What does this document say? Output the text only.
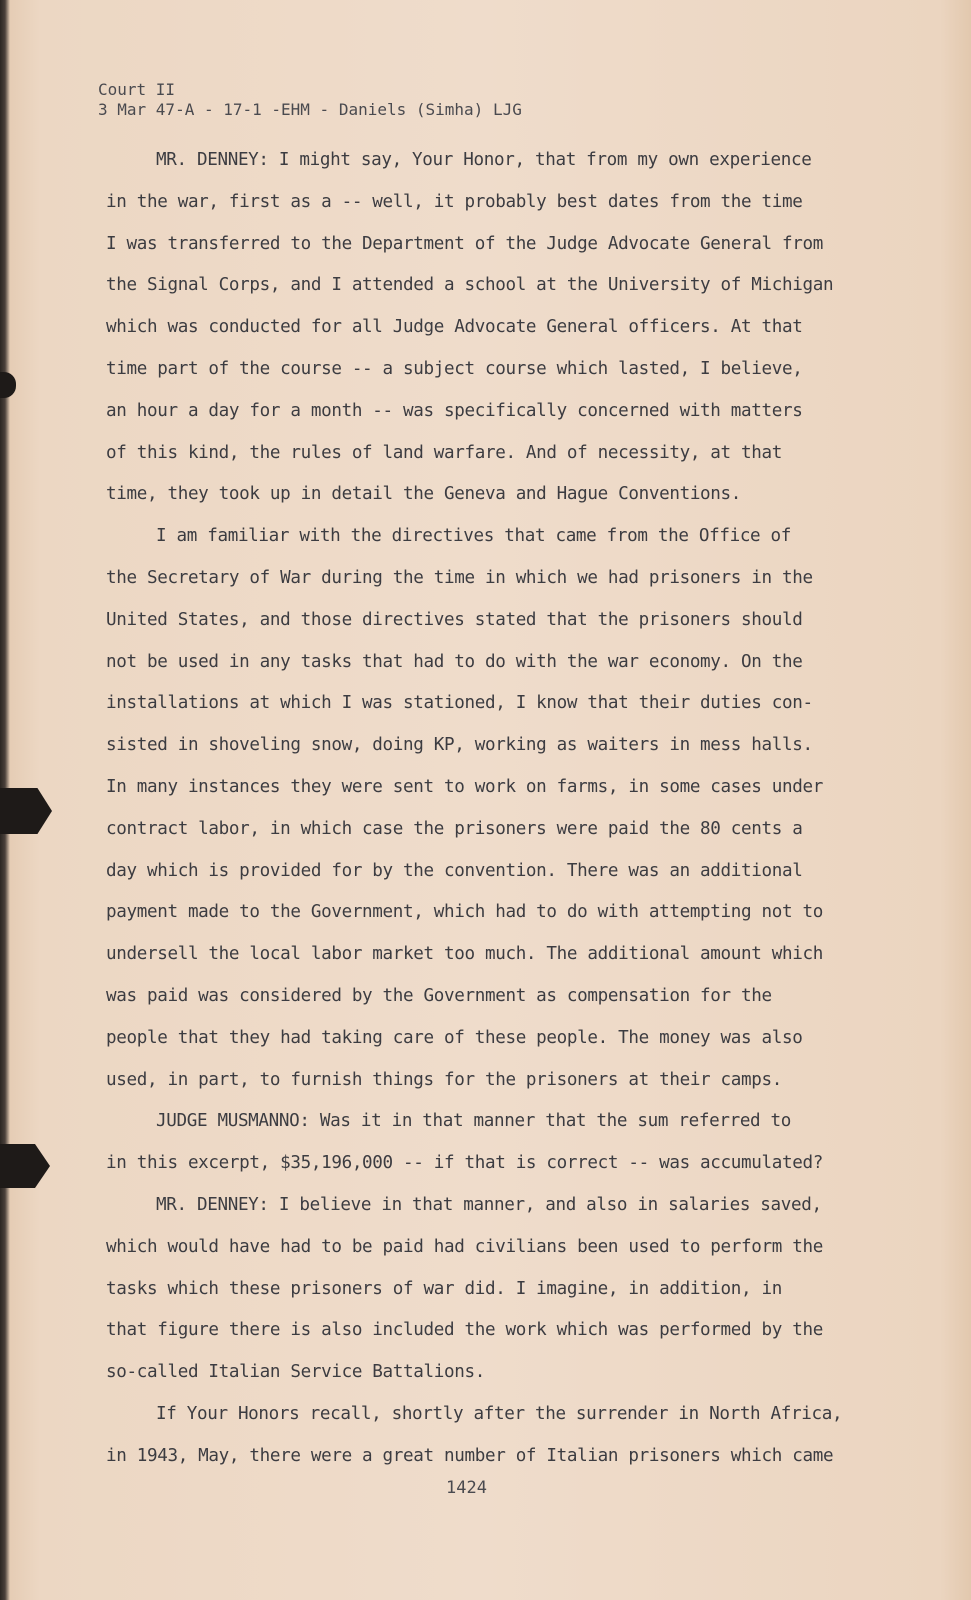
Court II
3 Mar 47-A - 17-1 -EHM - Daniels (Simha) LJG
MR. DENNEY: I might say, Your Honor, that from my own experience
in the war, first as a -- well, it probably best dates from the time
I was transferred to the Department of the Judge Advocate General from
the Signal Corps, and I attended a school at the University of Michigan
which was conducted for all Judge Advocate General officers. At that
time part of the course -- a subject course which lasted, I believe,
an hour a day for a month -- was specifically concerned with matters
of this kind, the rules of land warfare. And of necessity, at that
time, they took up in detail the Geneva and Hague Conventions.
I am familiar with the directives that came from the Office of
the Secretary of War during the time in which we had prisoners in the
United States, and those directives stated that the prisoners should
not be used in any tasks that had to do with the war economy. On the
installations at which I was stationed, I know that their duties con-
sisted in shoveling snow, doing KP, working as waiters in mess halls.
In many instances they were sent to work on farms, in some cases under
contract labor, in which case the prisoners were paid the 80 cents a
day which is provided for by the convention. There was an additional
payment made to the Government, which had to do with attempting not to
undersell the local labor market too much. The additional amount which
was paid was considered by the Government as compensation for the
people that they had taking care of these people. The money was also
used, in part, to furnish things for the prisoners at their camps.
JUDGE MUSMANNO: Was it in that manner that the sum referred to
in this excerpt, $35,196,000 -- if that is correct -- was accumulated?
MR. DENNEY: I believe in that manner, and also in salaries saved,
which would have had to be paid had civilians been used to perform the
tasks which these prisoners of war did. I imagine, in addition, in
that figure there is also included the work which was performed by the
so-called Italian Service Battalions.
If Your Honors recall, shortly after the surrender in North Africa,
in 1943, May, there were a great number of Italian prisoners which came
1424
